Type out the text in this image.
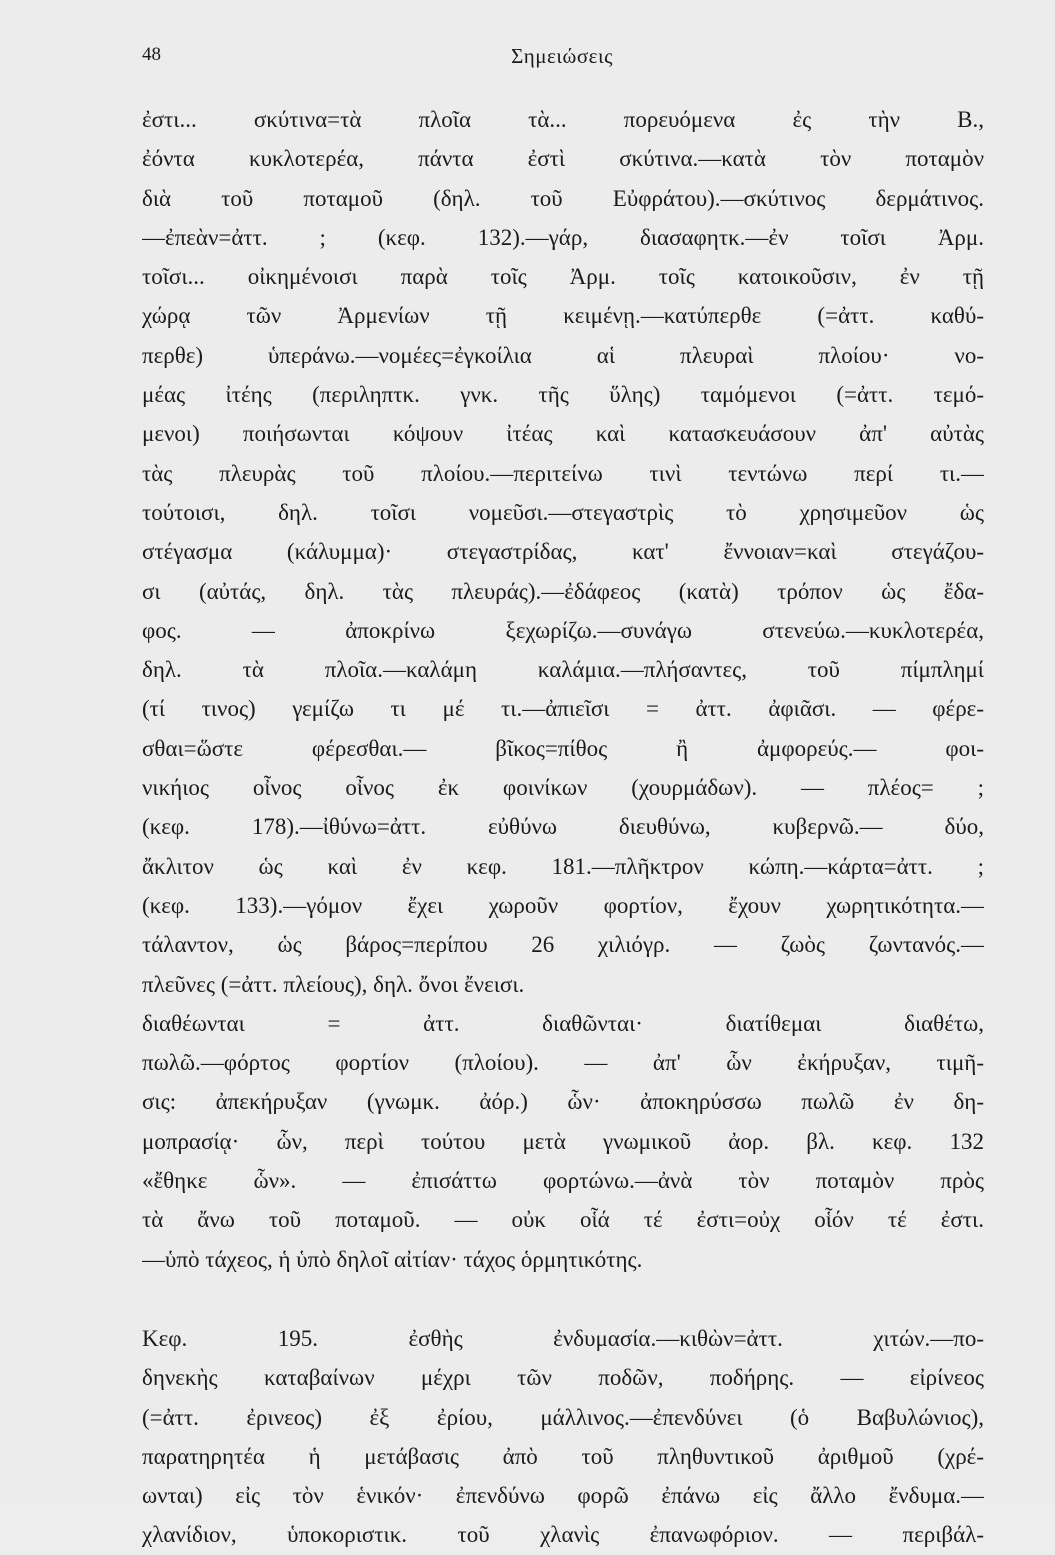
48	Σημειώσεις
ἐστι... σκύτινα=τὰ πλοῖα τὰ... πορευόμενα ἐς τὴν Β.,
ἐόντα κυκλοτερέα, πάντα ἐστὶ σκύτινα.—κατὰ τὸν ποταμὸν
διὰ τοῦ ποταμοῦ (δηλ. τοῦ Εὐφράτου).—σκύτινος δερμάτινος.
—ἐπεὰν=ἀττ. ; (κεφ. 132).—γάρ, διασαφητκ.—ἐν τοῖσι Ἀρμ.
τοῖσι... οἰκημένοισι παρὰ τοῖς Ἀρμ. τοῖς κατοικοῦσιν, ἐν τῇ
χώρᾳ τῶν Ἀρμενίων τῇ κειμένῃ.—κατύπερθε (=ἀττ. καθύ-
περθε) ὑπεράνω.—νομέες=ἐγκοίλια αἱ πλευραὶ πλοίου· νο-
μέας ἰτέης (περιληπτκ. γνκ. τῆς ὕλης) ταμόμενοι (=ἀττ. τεμό-
μενοι) ποιήσωνται κόψουν ἰτέας καὶ κατασκευάσουν ἀπ' αὐτὰς
τὰς πλευρὰς τοῦ πλοίου.—περιτείνω τινὶ τεντώνω περί τι.—
τούτοισι, δηλ. τοῖσι νομεῦσι.—στεγαστρὶς τὸ χρησιμεῦον ὡς
στέγασμα (κάλυμμα)· στεγαστρίδας, κατ' ἔννοιαν=καὶ στεγάζου-
σι (αὐτάς, δηλ. τὰς πλευράς).—ἐδάφεος (κατὰ) τρόπον ὡς ἔδα-
φος. — ἀποκρίνω ξεχωρίζω.—συνάγω στενεύω.—κυκλοτερέα,
δηλ. τὰ πλοῖα.—καλάμη καλάμια.—πλήσαντες, τοῦ πίμπλημί
(τί τινος) γεμίζω τι μέ τι.—ἀπιεῖσι = ἀττ. ἀφιᾶσι. — φέρε-
σθαι=ὥστε φέρεσθαι.— βῖκος=πίθος ἢ ἀμφορεύς.— φοι-
νικήιος οἶνος οἶνος ἐκ φοινίκων (χουρμάδων). — πλέος= ;
(κεφ. 178).—ἰθύνω=ἀττ. εὐθύνω διευθύνω, κυβερνῶ.— δύο,
ἄκλιτον ὡς καὶ ἐν κεφ. 181.—πλῆκτρον κώπη.—κάρτα=ἀττ. ;
(κεφ. 133).—γόμον ἔχει χωροῦν φορτίον, ἔχουν χωρητικότητα.—
τάλαντον, ὡς βάρος=περίπου 26 χιλιόγρ. — ζωὸς ζωντανός.—
πλεῦνες (=ἀττ. πλείους), δηλ. ὄνοι ἔνεισι.
διαθέωνται = ἀττ. διαθῶνται· διατίθεμαι διαθέτω,
πωλῶ.—φόρτος φορτίον (πλοίου). — ἀπ' ὧν ἐκήρυξαν, τιμῆ-
σις: ἀπεκήρυξαν (γνωμκ. ἀόρ.) ὧν· ἀποκηρύσσω πωλῶ ἐν δη-
μοπρασίᾳ· ὧν, περὶ τούτου μετὰ γνωμικοῦ ἀορ. βλ. κεφ. 132
«ἔθηκε ὧν». — ἐπισάττω φορτώνω.—ἀνὰ τὸν ποταμὸν πρὸς
τὰ ἄνω τοῦ ποταμοῦ. — οὐκ οἷά τέ ἐστι=οὐχ οἷόν τέ ἐστι.
—ὑπὸ τάχεος, ἡ ὑπὸ δηλοῖ αἰτίαν· τάχος ὁρμητικότης.
Κεφ. 195. ἐσθὴς ἐνδυμασία.—κιθὼν=ἀττ. χιτών.—πο-
δηνεκὴς καταβαίνων μέχρι τῶν ποδῶν, ποδήρης. — εἰρίνεος
(=ἀττ. ἐρινεος) ἐξ ἐρίου, μάλλινος.—ἐπενδύνει (ὁ Βαβυλώνιος),
παρατηρητέα ἡ μετάβασις ἀπὸ τοῦ πληθυντικοῦ ἀριθμοῦ (χρέ-
ωνται) εἰς τὸν ἑνικόν· ἐπενδύνω φορῶ ἐπάνω εἰς ἄλλο ἔνδυμα.—
χλανίδιον, ὑποκοριστικ. τοῦ χλανὶς ἐπανωφόριον. — περιβάλ-
